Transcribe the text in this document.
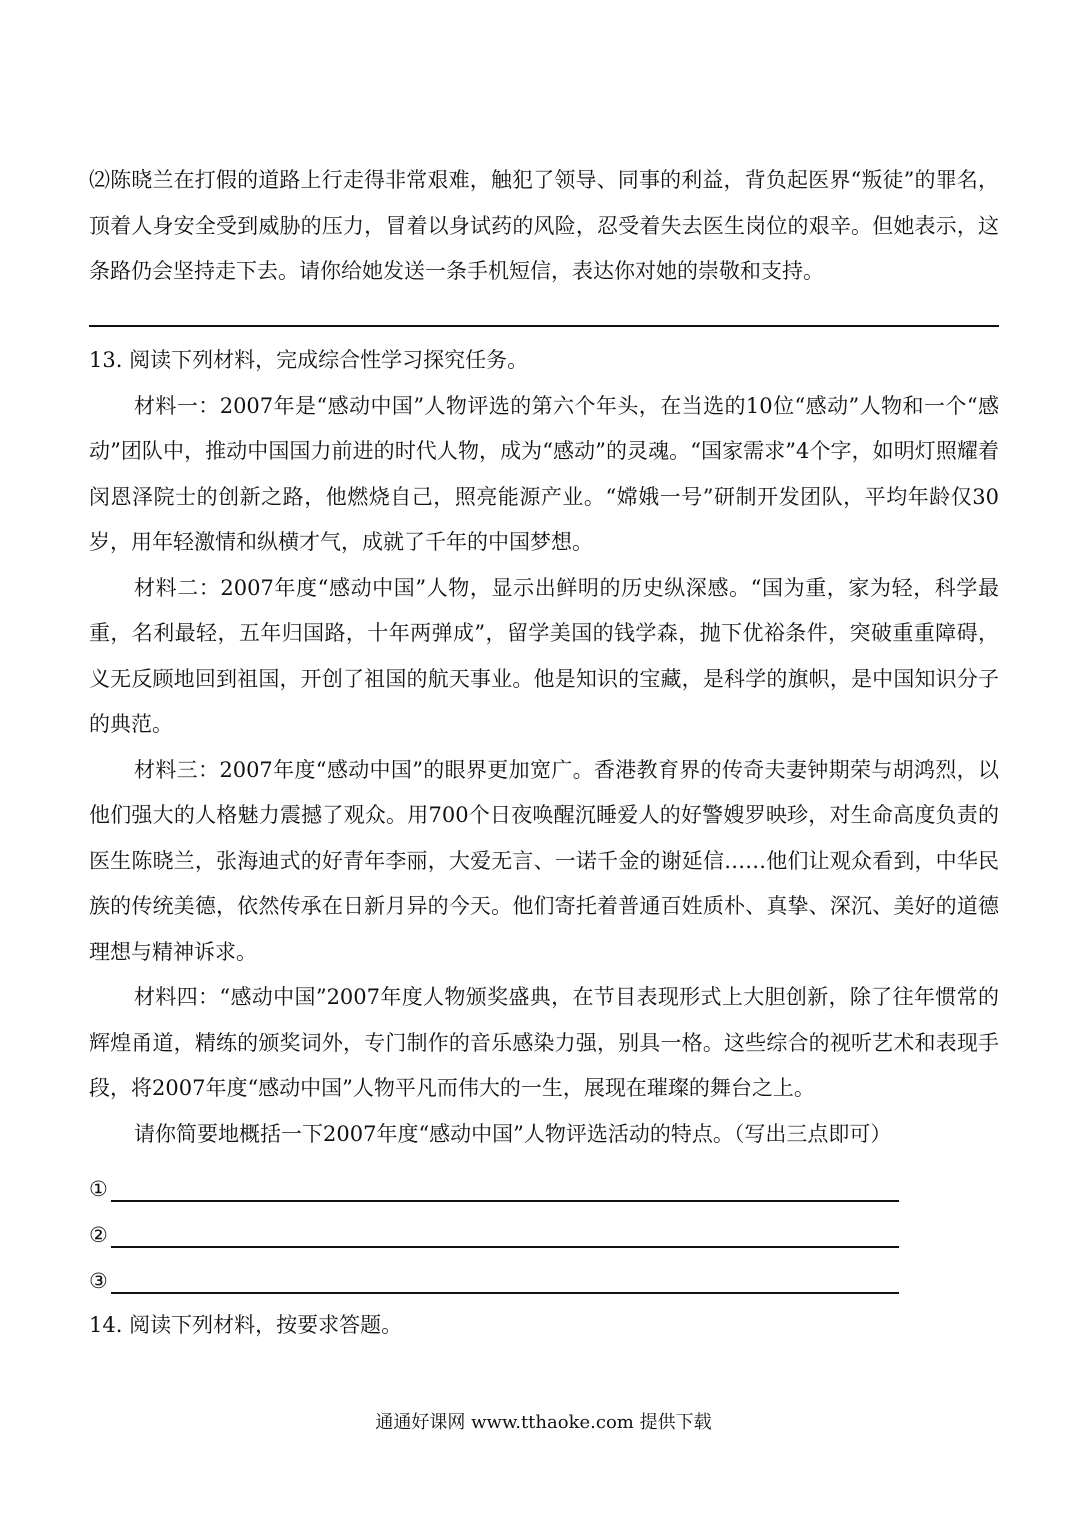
⑵陈晓兰在打假的道路上行走得非常艰难，触犯了领导、同事的利益，背负起医界“叛徒”的罪名，顶着人身安全受到威胁的压力，冒着以身试药的风险，忍受着失去医生岗位的艰辛。但她表示，这条路仍会坚持走下去。请你给她发送一条手机短信，表达你对她的崇敬和支持。

13. 阅读下列材料，完成综合性学习探究任务。

材料一：2007年是“感动中国”人物评选的第六个年头，在当选的10位“感动”人物和一个“感动”团队中，推动中国国力前进的时代人物，成为“感动”的灵魂。“国家需求”4个字，如明灯照耀着闵恩泽院士的创新之路，他燃烧自己，照亮能源产业。“嫦娥一号”研制开发团队，平均年龄仅30岁，用年轻激情和纵横才气，成就了千年的中国梦想。

材料二：2007年度“感动中国”人物，显示出鲜明的历史纵深感。“国为重，家为轻，科学最重，名利最轻，五年归国路，十年两弹成”，留学美国的钱学森，抛下优裕条件，突破重重障碍，义无反顾地回到祖国，开创了祖国的航天事业。他是知识的宝藏，是科学的旗帜，是中国知识分子的典范。

材料三：2007年度“感动中国”的眼界更加宽广。香港教育界的传奇夫妻钟期荣与胡鸿烈，以他们强大的人格魅力震撼了观众。用700个日夜唤醒沉睡爱人的好警嫂罗映珍，对生命高度负责的医生陈晓兰，张海迪式的好青年李丽，大爱无言、一诺千金的谢延信……他们让观众看到，中华民族的传统美德，依然传承在日新月异的今天。他们寄托着普通百姓质朴、真挚、深沉、美好的道德理想与精神诉求。

材料四：“感动中国”2007年度人物颁奖盛典，在节目表现形式上大胆创新，除了往年惯常的辉煌甬道，精练的颁奖词外，专门制作的音乐感染力强，别具一格。这些综合的视听艺术和表现手段，将2007年度“感动中国”人物平凡而伟大的一生，展现在璀璨的舞台之上。

请你简要地概括一下2007年度“感动中国”人物评选活动的特点。（写出三点即可）

①
②
③

14. 阅读下列材料，按要求答题。

通通好课网 www.tthaoke.com 提供下载
